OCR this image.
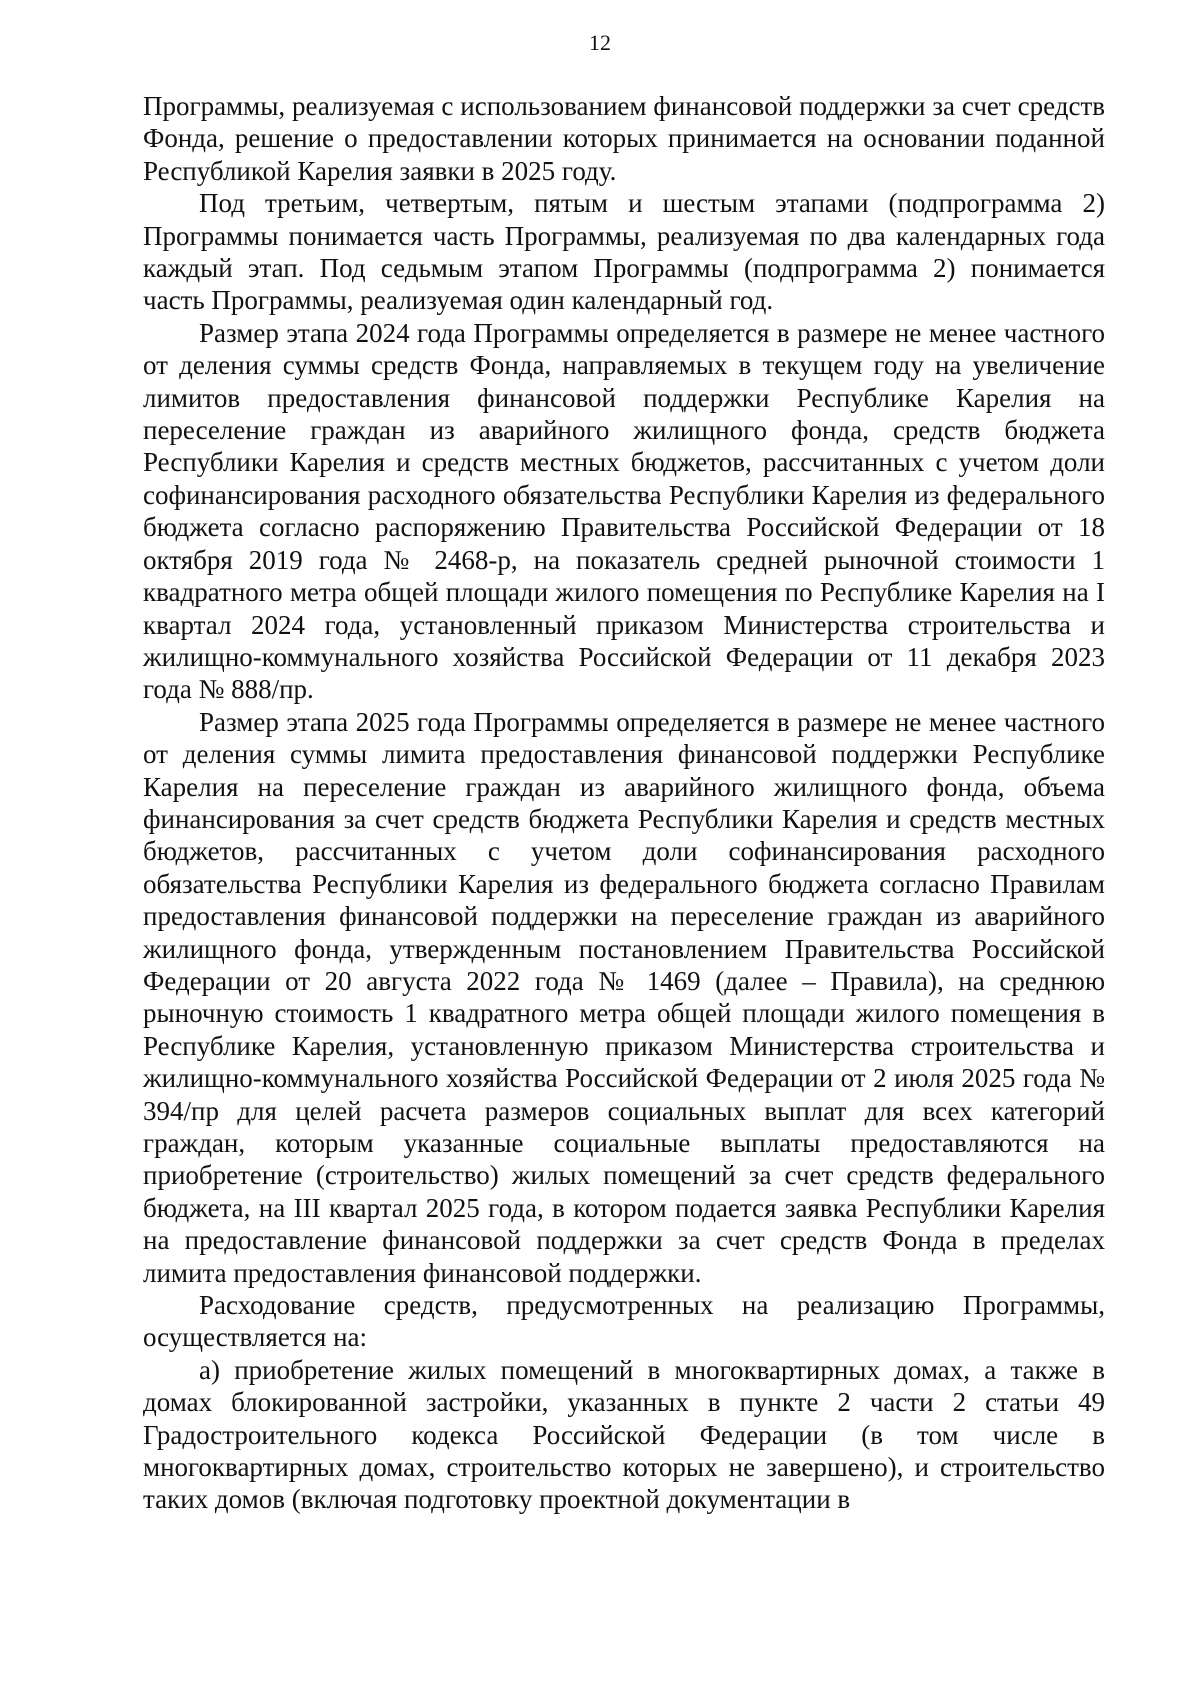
12

Программы, реализуемая с использованием финансовой поддержки за счет средств Фонда, решение о предоставлении которых принимается на основании поданной Республикой Карелия заявки в 2025 году.

Под третьим, четвертым, пятым и шестым этапами (подпрограмма 2) Программы понимается часть Программы, реализуемая по два календарных года каждый этап. Под седьмым этапом Программы (подпрограмма 2) понимается часть Программы, реализуемая один календарный год.

Размер этапа 2024 года Программы определяется в размере не менее частного от деления суммы средств Фонда, направляемых в текущем году на увеличение лимитов предоставления финансовой поддержки Республике Карелия на переселение граждан из аварийного жилищного фонда, средств бюджета Республики Карелия и средств местных бюджетов, рассчитанных с учетом доли софинансирования расходного обязательства Республики Карелия из федерального бюджета согласно распоряжению Правительства Российской Федерации от 18 октября 2019 года № 2468-р, на показатель средней рыночной стоимости 1 квадратного метра общей площади жилого помещения по Республике Карелия на I квартал 2024 года, установленный приказом Министерства строительства и жилищно-коммунального хозяйства Российской Федерации от 11 декабря 2023 года № 888/пр.

Размер этапа 2025 года Программы определяется в размере не менее частного от деления суммы лимита предоставления финансовой поддержки Республике Карелия на переселение граждан из аварийного жилищного фонда, объема финансирования за счет средств бюджета Республики Карелия и средств местных бюджетов, рассчитанных с учетом доли софинансирования расходного обязательства Республики Карелия из федерального бюджета согласно Правилам предоставления финансовой поддержки на переселение граждан из аварийного жилищного фонда, утвержденным постановлением Правительства Российской Федерации от 20 августа 2022 года № 1469 (далее – Правила), на среднюю рыночную стоимость 1 квадратного метра общей площади жилого помещения в Республике Карелия, установленную приказом Министерства строительства и жилищно-коммунального хозяйства Российской Федерации от 2 июля 2025 года № 394/пр для целей расчета размеров социальных выплат для всех категорий граждан, которым указанные социальные выплаты предоставляются на приобретение (строительство) жилых помещений за счет средств федерального бюджета, на III квартал 2025 года, в котором подается заявка Республики Карелия на предоставление финансовой поддержки за счет средств Фонда в пределах лимита предоставления финансовой поддержки.

Расходование средств, предусмотренных на реализацию Программы, осуществляется на:

а) приобретение жилых помещений в многоквартирных домах, а также в домах блокированной застройки, указанных в пункте 2 части 2 статьи 49 Градостроительного кодекса Российской Федерации (в том числе в многоквартирных домах, строительство которых не завершено), и строительство таких домов (включая подготовку проектной документации в
